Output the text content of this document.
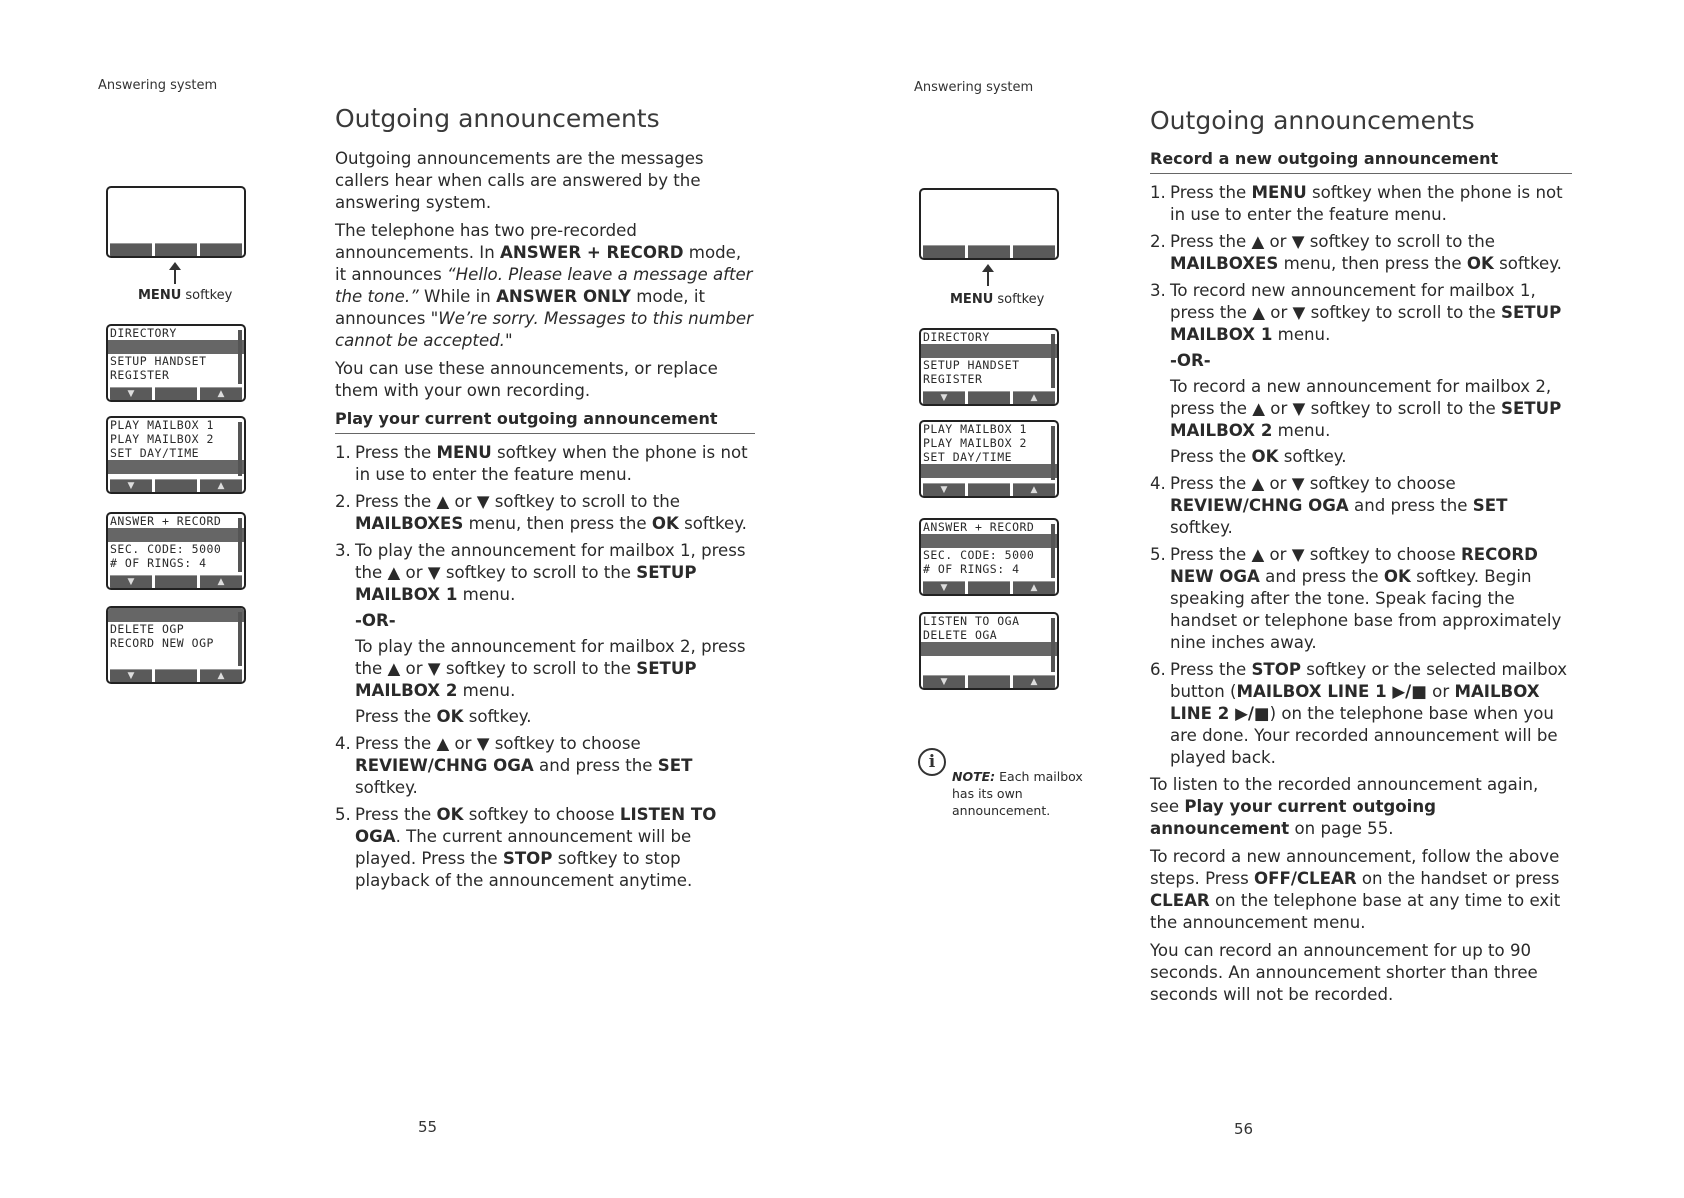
Answering system
Outgoing announcements
MENU softkey
DIRECTORY
SETUP HANDSET
REGISTER
▼	▲
PLAY MAILBOX 1
PLAY MAILBOX 2
SET DAY/TIME
▼	▲
ANSWER + RECORD
SEC. CODE: 5000
# OF RINGS: 4
▼	▲
DELETE OGP
RECORD NEW OGP
▼	▲

Outgoing announcements are the messages callers hear when calls are answered by the answering system.

The telephone has two pre-recorded announcements. In ANSWER + RECORD mode, it announces “Hello. Please leave a message after the tone.” While in ANSWER ONLY mode, it announces "We’re sorry. Messages to this number cannot be accepted."

You can use these announcements, or replace them with your own recording.

Play your current outgoing announcement
1. Press the MENU softkey when the phone is not in use to enter the feature menu.
2. Press the ▲ or ▼ softkey to scroll to the MAILBOXES menu, then press the OK softkey.
3. To play the announcement for mailbox 1, press the ▲ or ▼ softkey to scroll to the SETUP MAILBOX 1 menu.
-OR-
To play the announcement for mailbox 2, press the ▲ or ▼ softkey to scroll to the SETUP MAILBOX 2 menu.
Press the OK softkey.
4. Press the ▲ or ▼ softkey to choose REVIEW/CHNG OGA and press the SET softkey.
5. Press the OK softkey to choose LISTEN TO OGA. The current announcement will be played. Press the STOP softkey to stop playback of the announcement anytime.
55
Answering system
Outgoing announcements
MENU softkey
DIRECTORY
SETUP HANDSET
REGISTER
▼	▲
PLAY MAILBOX 1
PLAY MAILBOX 2
SET DAY/TIME
▼	▲
ANSWER + RECORD
SEC. CODE: 5000
# OF RINGS: 4
▼	▲
LISTEN TO OGA
DELETE OGA
▼	▲
i
NOTE: Each mailbox has its own announcement.
Record a new outgoing announcement
1. Press the MENU softkey when the phone is not in use to enter the feature menu.
2. Press the ▲ or ▼ softkey to scroll to the MAILBOXES menu, then press the OK softkey.
3. To record new announcement for mailbox 1, press the ▲ or ▼ softkey to scroll to the SETUP MAILBOX 1 menu.
-OR-
To record a new announcement for mailbox 2, press the ▲ or ▼ softkey to scroll to the SETUP MAILBOX 2 menu.
Press the OK softkey.
4. Press the ▲ or ▼ softkey to choose REVIEW/CHNG OGA and press the SET softkey.
5. Press the ▲ or ▼ softkey to choose RECORD NEW OGA and press the OK softkey. Begin speaking after the tone. Speak facing the handset or telephone base from approximately nine inches away.
6. Press the STOP softkey or the selected mailbox button (MAILBOX LINE 1 ▶/■ or MAILBOX LINE 2 ▶/■) on the telephone base when you are done. Your recorded announcement will be played back.

To listen to the recorded announcement again, see Play your current outgoing announcement on page 55.

To record a new announcement, follow the above steps. Press OFF/CLEAR on the handset or press CLEAR on the telephone base at any time to exit the announcement menu.

You can record an announcement for up to 90 seconds. An announcement shorter than three seconds will not be recorded.

56
